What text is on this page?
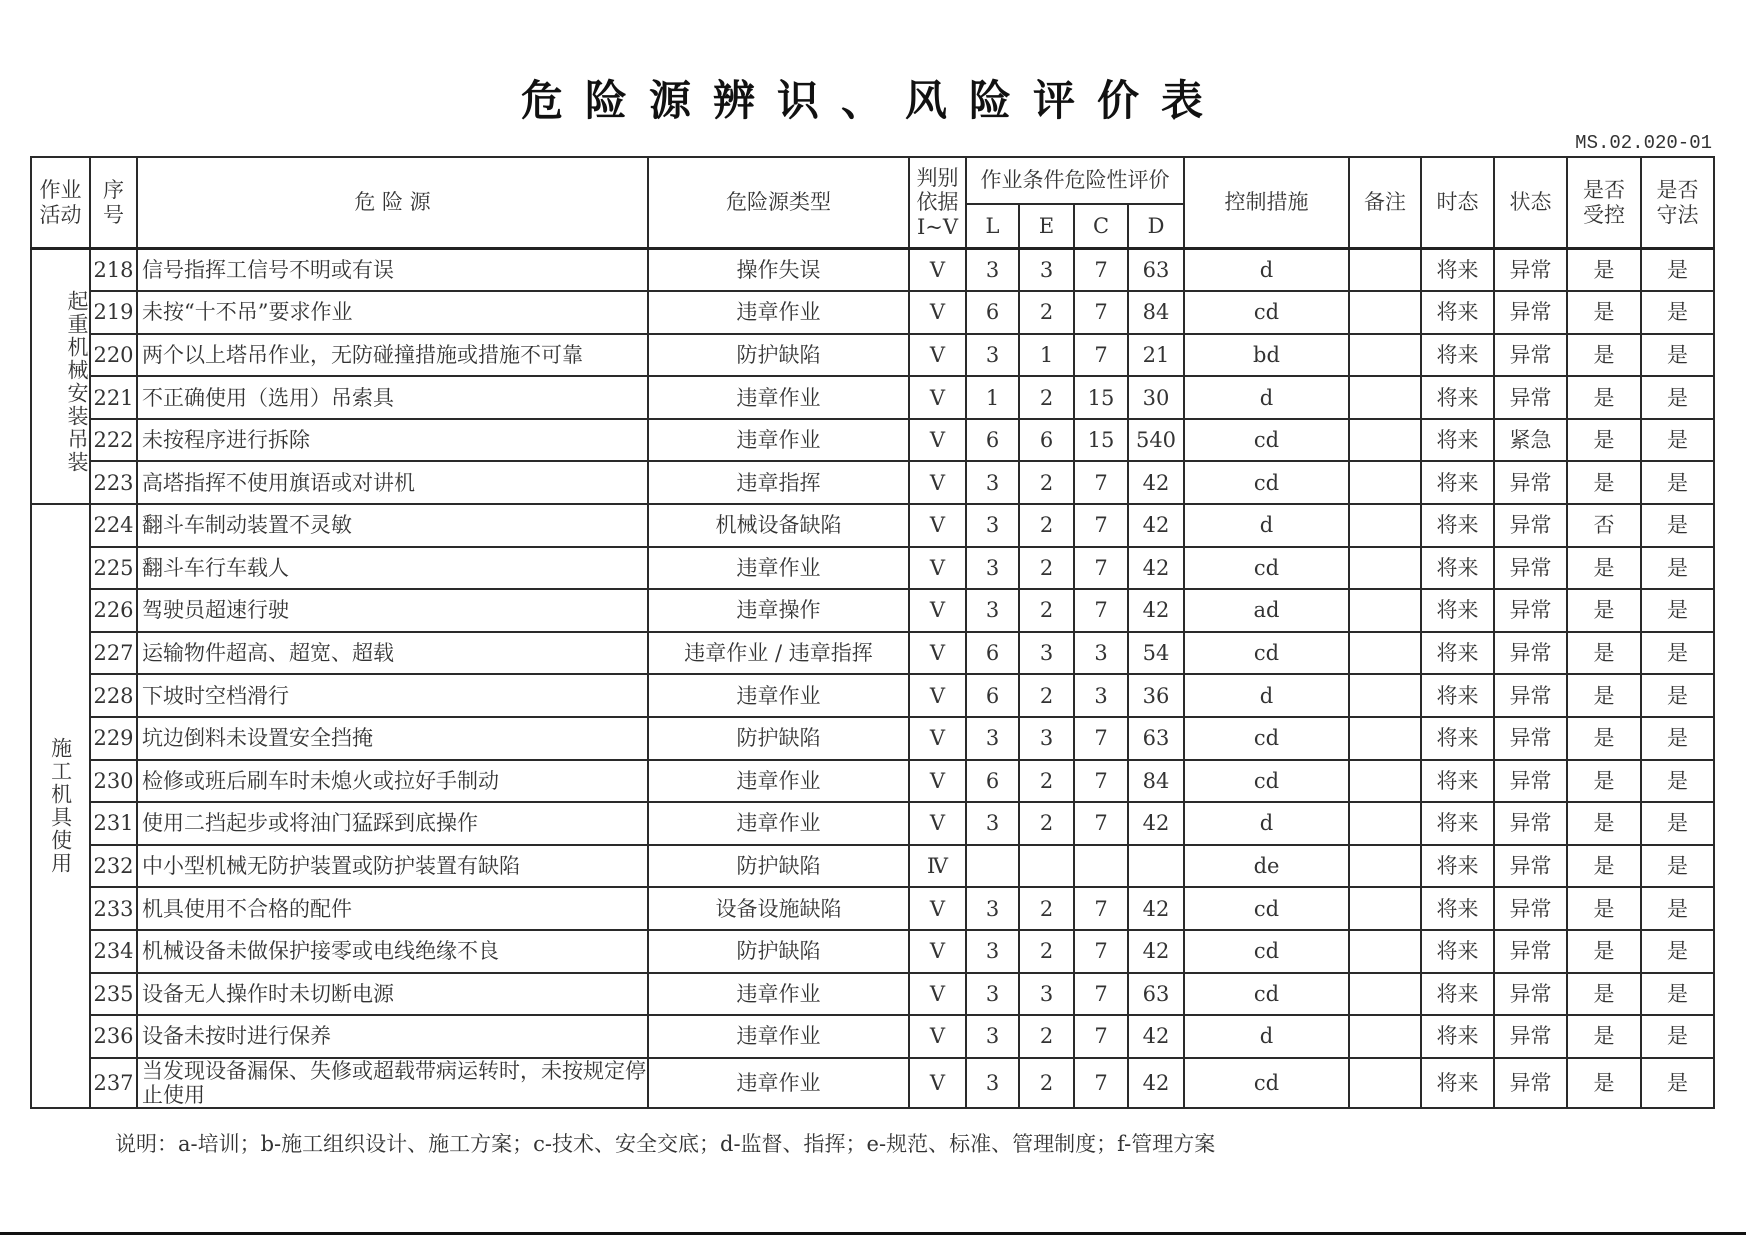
危险源辨识、风险评价表
MS.02.020-01
作业活动	序号	危 险 源	危险源类型	判别依据I~V	作业条件危险性评价				控制措施	备注	时态	状态	是否受控	是否守法
					L	E	C	D						
起重机械安装吊装	218	信号指挥工信号不明或有误	操作失误	Ⅴ	3	3	7	63	d		将来	异常	是	是
	219	未按“十不吊”要求作业	违章作业	Ⅴ	6	2	7	84	cd		将来	异常	是	是
	220	两个以上塔吊作业，无防碰撞措施或措施不可靠	防护缺陷	Ⅴ	3	1	7	21	bd		将来	异常	是	是
	221	不正确使用（选用）吊索具	违章作业	Ⅴ	1	2	15	30	d		将来	异常	是	是
	222	未按程序进行拆除	违章作业	Ⅴ	6	6	15	540	cd		将来	紧急	是	是
	223	高塔指挥不使用旗语或对讲机	违章指挥	Ⅴ	3	2	7	42	cd		将来	异常	是	是
施工机具使用	224	翻斗车制动装置不灵敏	机械设备缺陷	Ⅴ	3	2	7	42	d		将来	异常	否	是
	225	翻斗车行车载人	违章作业	Ⅴ	3	2	7	42	cd		将来	异常	是	是
	226	驾驶员超速行驶	违章操作	Ⅴ	3	2	7	42	ad		将来	异常	是	是
	227	运输物件超高、超宽、超载	违章作业 / 违章指挥	Ⅴ	6	3	3	54	cd		将来	异常	是	是
	228	下坡时空档滑行	违章作业	Ⅴ	6	2	3	36	d		将来	异常	是	是
	229	坑边倒料未设置安全挡掩	防护缺陷	Ⅴ	3	3	7	63	cd		将来	异常	是	是
	230	检修或班后刷车时未熄火或拉好手制动	违章作业	Ⅴ	6	2	7	84	cd		将来	异常	是	是
	231	使用二挡起步或将油门猛踩到底操作	违章作业	Ⅴ	3	2	7	42	d		将来	异常	是	是
	232	中小型机械无防护装置或防护装置有缺陷	防护缺陷	Ⅳ					de		将来	异常	是	是
	233	机具使用不合格的配件	设备设施缺陷	Ⅴ	3	2	7	42	cd		将来	异常	是	是
	234	机械设备未做保护接零或电线绝缘不良	防护缺陷	Ⅴ	3	2	7	42	cd		将来	异常	是	是
	235	设备无人操作时未切断电源	违章作业	Ⅴ	3	3	7	63	cd		将来	异常	是	是
	236	设备未按时进行保养	违章作业	Ⅴ	3	2	7	42	d		将来	异常	是	是
	237	当发现设备漏保、失修或超载带病运转时，未按规定停止使用	违章作业	Ⅴ	3	2	7	42	cd		将来	异常	是	是
说明：a-培训；b-施工组织设计、施工方案；c-技术、安全交底；d-监督、指挥；e-规范、标准、管理制度；f-管理方案
